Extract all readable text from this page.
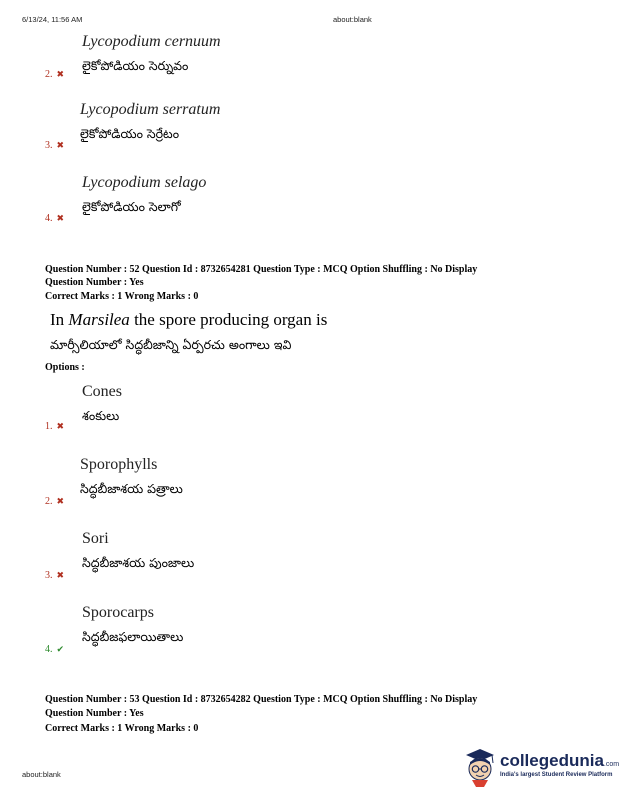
6/13/24, 11:56 AM	about:blank
Lycopodium cernuum
లైకోపోడియం సెర్నువం
2. ✖
Lycopodium serratum
లైకోపోడియం సెర్రేటం
3. ✖
Lycopodium selago
లైకోపోడియం సెలాగో
4. ✖
Question Number : 52 Question Id : 8732654281 Question Type : MCQ Option Shuffling : No Display
Question Number : Yes
Correct Marks : 1 Wrong Marks : 0
In Marsilea the spore producing organ is
మార్సీలియాలో సిద్ధబీజాన్ని ఏర్పరచు అంగాలు ఇవి
Options :
Cones
శంకులు
1. ✖
Sporophylls
సిద్ధబీజాశయ పత్రాలు
2. ✖
Sori
సిద్ధబీజాశయ పుంజాలు
3. ✖
Sporocarps
సిద్ధబీజఫలాయితాలు
4. ✔
Question Number : 53 Question Id : 8732654282 Question Type : MCQ Option Shuffling : No Display
Question Number : Yes
Correct Marks : 1 Wrong Marks : 0
about:blank
collegedunia.com
India's largest Student Review Platform
